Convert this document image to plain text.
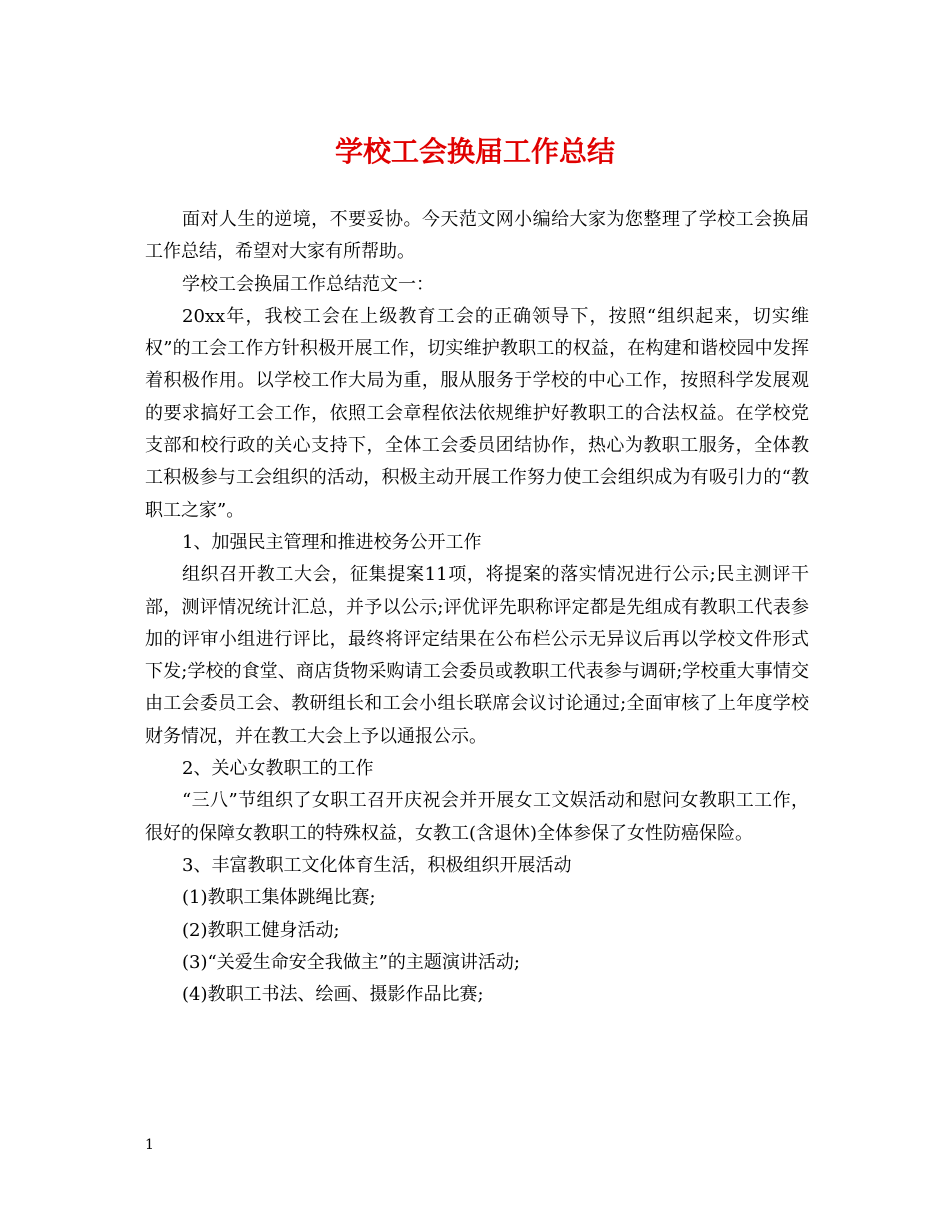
学校工会换届工作总结

面对人生的逆境，不要妥协。今天范文网小编给大家为您整理了学校工会换届工作总结，希望对大家有所帮助。

学校工会换届工作总结范文一：

20xx年，我校工会在上级教育工会的正确领导下，按照“组织起来，切实维权”的工会工作方针积极开展工作，切实维护教职工的权益，在构建和谐校园中发挥着积极作用。以学校工作大局为重，服从服务于学校的中心工作，按照科学发展观的要求搞好工会工作，依照工会章程依法依规维护好教职工的合法权益。在学校党支部和校行政的关心支持下，全体工会委员团结协作，热心为教职工服务，全体教工积极参与工会组织的活动，积极主动开展工作努力使工会组织成为有吸引力的“教职工之家”。

1、加强民主管理和推进校务公开工作

组织召开教工大会，征集提案11项，将提案的落实情况进行公示;民主测评干部，测评情况统计汇总，并予以公示;评优评先职称评定都是先组成有教职工代表参加的评审小组进行评比，最终将评定结果在公布栏公示无异议后再以学校文件形式下发;学校的食堂、商店货物采购请工会委员或教职工代表参与调研;学校重大事情交由工会委员工会、教研组长和工会小组长联席会议讨论通过;全面审核了上年度学校财务情况，并在教工大会上予以通报公示。

2、关心女教职工的工作

“三八”节组织了女职工召开庆祝会并开展女工文娱活动和慰问女教职工工作，很好的保障女教职工的特殊权益，女教工(含退休)全体参保了女性防癌保险。

3、丰富教职工文化体育生活，积极组织开展活动

(1)教职工集体跳绳比赛;

(2)教职工健身活动;

(3)“关爱生命安全我做主”的主题演讲活动;

(4)教职工书法、绘画、摄影作品比赛;

1
